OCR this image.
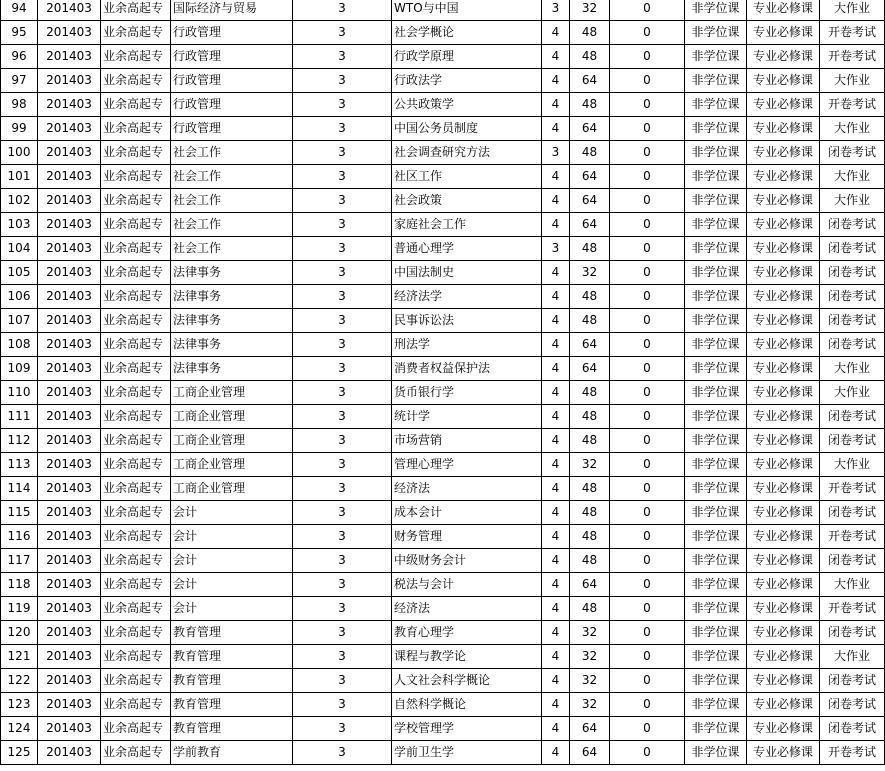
94	201403	业余高起专	国际经济与贸易	3	WTO与中国	3	32	0	非学位课	专业必修课	大作业
95	201403	业余高起专	行政管理	3	社会学概论	4	48	0	非学位课	专业必修课	开卷考试
96	201403	业余高起专	行政管理	3	行政学原理	4	48	0	非学位课	专业必修课	开卷考试
97	201403	业余高起专	行政管理	3	行政法学	4	64	0	非学位课	专业必修课	大作业
98	201403	业余高起专	行政管理	3	公共政策学	4	48	0	非学位课	专业必修课	开卷考试
99	201403	业余高起专	行政管理	3	中国公务员制度	4	64	0	非学位课	专业必修课	大作业
100	201403	业余高起专	社会工作	3	社会调查研究方法	3	48	0	非学位课	专业必修课	闭卷考试
101	201403	业余高起专	社会工作	3	社区工作	4	64	0	非学位课	专业必修课	大作业
102	201403	业余高起专	社会工作	3	社会政策	4	64	0	非学位课	专业必修课	大作业
103	201403	业余高起专	社会工作	3	家庭社会工作	4	64	0	非学位课	专业必修课	闭卷考试
104	201403	业余高起专	社会工作	3	普通心理学	3	48	0	非学位课	专业必修课	闭卷考试
105	201403	业余高起专	法律事务	3	中国法制史	4	32	0	非学位课	专业必修课	闭卷考试
106	201403	业余高起专	法律事务	3	经济法学	4	48	0	非学位课	专业必修课	闭卷考试
107	201403	业余高起专	法律事务	3	民事诉讼法	4	48	0	非学位课	专业必修课	闭卷考试
108	201403	业余高起专	法律事务	3	刑法学	4	64	0	非学位课	专业必修课	闭卷考试
109	201403	业余高起专	法律事务	3	消费者权益保护法	4	64	0	非学位课	专业必修课	大作业
110	201403	业余高起专	工商企业管理	3	货币银行学	4	48	0	非学位课	专业必修课	大作业
111	201403	业余高起专	工商企业管理	3	统计学	4	48	0	非学位课	专业必修课	闭卷考试
112	201403	业余高起专	工商企业管理	3	市场营销	4	48	0	非学位课	专业必修课	闭卷考试
113	201403	业余高起专	工商企业管理	3	管理心理学	4	32	0	非学位课	专业必修课	大作业
114	201403	业余高起专	工商企业管理	3	经济法	4	48	0	非学位课	专业必修课	开卷考试
115	201403	业余高起专	会计	3	成本会计	4	48	0	非学位课	专业必修课	闭卷考试
116	201403	业余高起专	会计	3	财务管理	4	48	0	非学位课	专业必修课	开卷考试
117	201403	业余高起专	会计	3	中级财务会计	4	48	0	非学位课	专业必修课	闭卷考试
118	201403	业余高起专	会计	3	税法与会计	4	64	0	非学位课	专业必修课	大作业
119	201403	业余高起专	会计	3	经济法	4	48	0	非学位课	专业必修课	开卷考试
120	201403	业余高起专	教育管理	3	教育心理学	4	32	0	非学位课	专业必修课	闭卷考试
121	201403	业余高起专	教育管理	3	课程与教学论	4	32	0	非学位课	专业必修课	大作业
122	201403	业余高起专	教育管理	3	人文社会科学概论	4	32	0	非学位课	专业必修课	闭卷考试
123	201403	业余高起专	教育管理	3	自然科学概论	4	32	0	非学位课	专业必修课	闭卷考试
124	201403	业余高起专	教育管理	3	学校管理学	4	64	0	非学位课	专业必修课	闭卷考试
125	201403	业余高起专	学前教育	3	学前卫生学	4	64	0	非学位课	专业必修课	开卷考试
